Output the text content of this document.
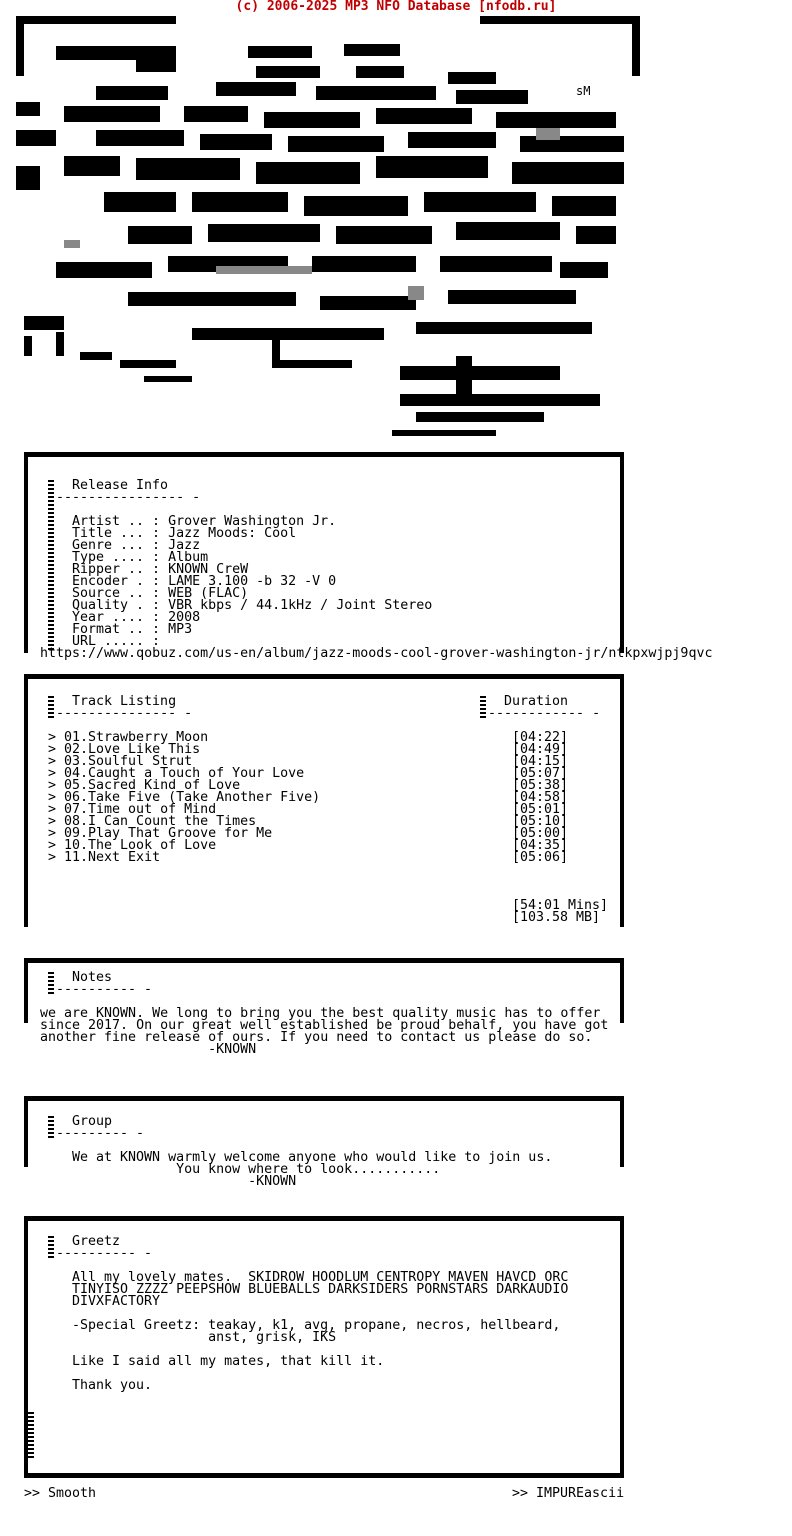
(c) 2006-2025 MP3 NFO Database [nfodb.ru]
sM
Release Info
---------------- -

Artist .. : Grover Washington Jr.
Title ... : Jazz Moods: Cool
Genre ... : Jazz
Type .... : Album
Ripper .. : KNOWN CreW
Encoder . : LAME 3.100 -b 32 -V 0
Source .. : WEB (FLAC)
Quality . : VBR kbps / 44.1kHz / Joint Stereo
Year .... : 2008
Format .. : MP3
URL ..... :
https://www.qobuz.com/us-en/album/jazz-moods-cool-grover-washington-jr/ntkpxwjpj9qvc
Track Listing
--------------- -
Duration
------------ -
> 01.Strawberry Moon	[04:22]
> 02.Love Like This	[04:49]
> 03.Soulful Strut	[04:15]
> 04.Caught a Touch of Your Love	[05:07]
> 05.Sacred Kind of Love	[05:38]
> 06.Take Five (Take Another Five)	[04:58]
> 07.Time out of Mind	[05:01]
> 08.I Can Count the Times	[05:10]
> 09.Play That Groove for Me	[05:00]
> 10.The Look of Love	[04:35]
> 11.Next Exit	[05:06]
[54:01 Mins]
[103.58 MB]
Notes
---------- -
we are KNOWN. We long to bring you the best quality music has to offer
since 2017. On our great well established be proud behalf, you have got
another fine release of ours. If you need to contact us please do so.
-KNOWN
Group
--------- -
We at KNOWN warmly welcome anyone who would like to join us.
You know where to look...........
-KNOWN
Greetz
---------- -
All my lovely mates.  SKIDROW HOODLUM CENTROPY MAVEN HAVCD ORC
TINYISO ZZZZ PEEPSHOW BLUEBALLS DARKSIDERS PORNSTARS DARKAUDIO
DIVXFACTORY
-Special Greetz: teakay, k1, avg, propane, necros, hellbeard,
anst, grisk, IKS
Like I said all my mates, that kill it.
Thank you.
>> Smooth	>> IMPUREascii
